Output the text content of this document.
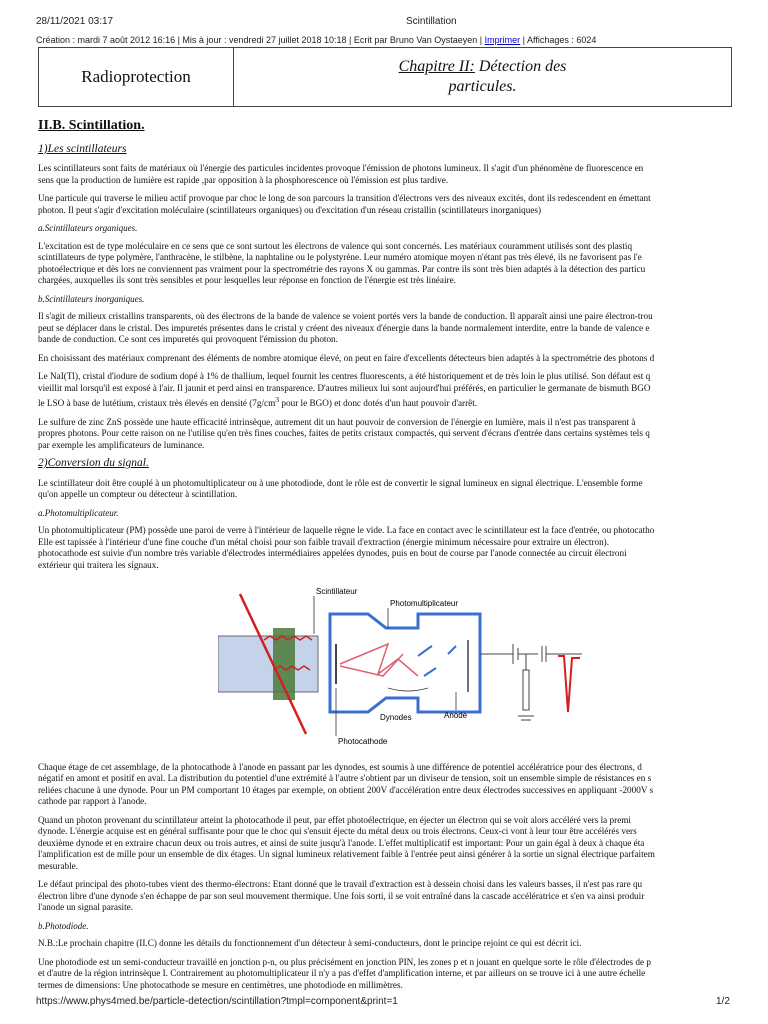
28/11/2021 03:17	Scintillation
Création : mardi 7 août 2012 16:16 | Mis à jour : vendredi 27 juillet 2018 10:18 | Ecrit par Bruno Van Oystaeyen | Imprimer | Affichages : 6024
Radioprotection
Chapitre II: Détection des
particules.
II.B. Scintillation.
1)Les scintillateurs

Les scintillateurs sont faits de matériaux où l'énergie des particules incidentes provoque l'émission de photons lumineux. Il s'agit d'un phénomène de fluorescence en
sens que la production de lumière est rapide ,par opposition à la phosphorescence où l'émission est plus tardive.

Une particule qui traverse le milieu actif provoque par choc le long de son parcours la transition d'électrons vers des niveaux excités, dont ils redescendent en émettant
photon. Il peut s'agir d'excitation moléculaire (scintillateurs organiques) ou d'excitation d'un réseau cristallin (scintillateurs inorganiques)

a.Scintillateurs organiques.

L'excitation est de type moléculaire en ce sens que ce sont surtout les électrons de valence qui sont concernés. Les matériaux couramment utilisés sont des plastiq
scintillateurs de type polymère, l'anthracène, le stilbène, la naphtaline ou le polystyrène. Leur numéro atomique moyen n'étant pas très élevé, ils ne favorisent pas l'e
photoélectrique et dès lors ne conviennent pas vraiment pour la spectrométrie des rayons X ou gammas. Par contre ils sont très bien adaptés à la détection des particu
chargées, auxquelles ils sont très sensibles et pour lesquelles leur réponse en fonction de l'énergie est très linéaire.

b.Scintillateurs inorganiques.

Il s'agit de milieux cristallins transparents, où des électrons de la bande de valence se voient portés vers la bande de conduction. Il apparaît ainsi une paire électron-trou
peut se déplacer dans le cristal. Des impuretés présentes dans le cristal y créent des niveaux d'énergie dans la bande normalement interdite, entre la bande de valence e
bande de conduction. Ce sont ces impuretés qui provoquent l'émission du photon.

En choisissant des matériaux comprenant des éléments de nombre atomique élevé, on peut en faire d'excellents détecteurs bien adaptés à la spectrométrie des photons d

Le NaI(Tl), cristal d'iodure de sodium dopé à 1% de thallium, lequel fournit les centres fluorescents, a été historiquement et de très loin le plus utilisé. Son défaut est q
vieillit mal lorsqu'il est exposé à l'air. Il jaunit et perd ainsi en transparence. D'autres milieux lui sont aujourd'hui préférés, en particulier le germanate de bismuth BGO
le LSO à base de lutétium, cristaux très élevés en densité ($7g/cm^3$ pour le BGO) et donc dotés d'un haut pouvoir d'arrêt.

Le sulfure de zinc ZnS possède une haute efficacité intrinsèque, autrement dit un haut pouvoir de conversion de l'énergie en lumière, mais il n'est pas transparent à
propres photons. Pour cette raison on ne l'utilise qu'en très fines couches, faites de petits cristaux compactés, qui servent d'écrans d'entrée dans certains systèmes tels q
par exemple les amplificateurs de luminance.

2)Conversion du signal.

Le scintillateur doit être couplé à un photomultiplicateur ou à une photodiode, dont le rôle est de convertir le signal lumineux en signal électrique. L'ensemble forme
qu'on appelle un compteur ou détecteur à scintillation.

a.Photomultiplicateur.

Un photomultiplicateur (PM) possède une paroi de verre à l'intérieur de laquelle règne le vide. La face en contact avec le scintillateur est la face d'entrée, ou photocatho
Elle est tapissée à l'intérieur d'une fine couche d'un métal choisi pour son faible travail d'extraction (énergie minimum nécessaire pour extraire un électron).
photocathode est suivie d'un nombre très variable d'électrodes intermédiaires appelées dynodes, puis en bout de course par l'anode connectée au circuit électroni
extérieur qui traitera les signaux.

Scintillateur
Photomultiplicateur
Dynodes	Anode
Photocathode

Chaque étage de cet assemblage, de la photocathode à l'anode en passant par les dynodes, est soumis à une différence de potentiel accélératrice pour des électrons, d
négatif en amont et positif en aval. La distribution du potentiel d'une extrémité à l'autre s'obtient par un diviseur de tension, soit un ensemble simple de résistances en s
reliées chacune à une dynode. Pour un PM comportant 10 étages par exemple, on obtient 200V d'accélération entre deux électrodes successives en appliquant -2000V s
cathode par rapport à l'anode.

Quand un photon provenant du scintillateur atteint la photocathode il peut, par effet photoélectrique, en éjecter un électron qui se voit alors accéléré vers la premi
dynode. L'énergie acquise est en général suffisante pour que le choc qui s'ensuit éjecte du métal deux ou trois électrons. Ceux-ci vont à leur tour être accélérés vers
deuxième dynode et en extraire chacun deux ou trois autres, et ainsi de suite jusqu'à l'anode. L'effet multiplicatif est important: Pour un gain égal à deux à chaque éta
l'amplification est de mille pour un ensemble de dix étages. Un signal lumineux relativement faible à l'entrée peut ainsi générer à la sortie un signal électrique parfaitem
mesurable.

Le défaut principal des photo-tubes vient des thermo-électrons: Etant donné que le travail d'extraction est à dessein choisi dans les valeurs basses, il n'est pas rare qu
électron libre d'une dynode s'en échappe de par son seul mouvement thermique. Une fois sorti, il se voit entraîné dans la cascade accélératrice et s'en va ainsi produir
l'anode un signal parasite.

b.Photodiode.

N.B.:Le prochain chapitre (II.C) donne les détails du fonctionnement d'un détecteur à semi-conducteurs, dont le principe rejoint ce qui est décrit ici.

Une photodiode est un semi-conducteur travaillé en jonction p-n, ou plus précisément en jonction PIN, les zones p et n jouant en quelque sorte le rôle d'électrodes de p
et d'autre de la région intrinsèque I. Contrairement au photomultiplicateur il n'y a pas d'effet d'amplification interne, et par ailleurs on se trouve ici à une autre échelle
termes de dimensions: Une photocathode se mesure en centimètres, une photodiode en millimètres.

https://www.phys4med.be/particle-detection/scintillation?tmpl=component&print=1	1/2
